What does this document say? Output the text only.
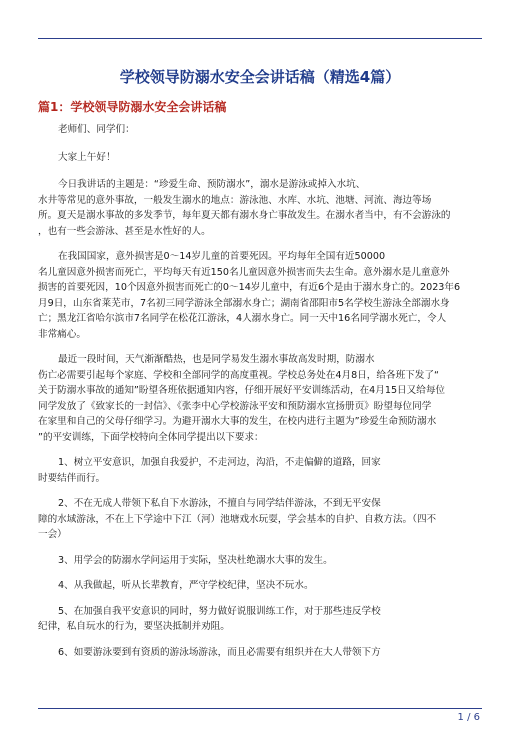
学校领导防溺水安全会讲话稿（精选4篇）
篇1：学校领导防溺水安全会讲话稿

老师们、同学们：

大家上午好！

今日我讲话的主题是：“珍爱生命、预防溺水”，溺水是游泳或掉入水坑、
水井等常见的意外事故，一般发生溺水的地点：游泳池、水库、水坑、池塘、河流、海边等场
所。夏天是溺水事故的多发季节，每年夏天都有溺水身亡事故发生。在溺水者当中，有不会游泳的
，也有一些会游泳、甚至是水性好的人。

在我国国家，意外损害是0～14岁儿童的首要死因。平均每年全国有近50000
名儿童因意外损害而死亡，平均每天有近150名儿童因意外损害而失去生命。意外溺水是儿童意外
损害的首要死因，10个因意外损害而死亡的0～14岁儿童中，有近6个是由于溺水身亡的。2023年6
月9日，山东省莱芜市，7名初三同学游泳全部溺水身亡；湖南省邵阳市5名学校生游泳全部溺水身
亡；黑龙江省哈尔滨市7名同学在松花江游泳，4人溺水身亡。同一天中16名同学溺水死亡，令人
非常痛心。

最近一段时间，天气渐渐酷热，也是同学易发生溺水事故高发时期，防溺水
伤亡必需要引起每个家庭、学校和全部同学的高度重视。学校总务处在4月8日，给各班下发了“
关于防溺水事故的通知”盼望各班依据通知内容，仔细开展好平安训练活动，在4月15日又给每位
同学发放了《致家长的一封信》、《张李中心学校游泳平安和预防溺水宣扬册页》盼望每位同学
在家里和自己的父母仔细学习。为避开溺水大事的发生，在校内进行主题为”珍爱生命预防溺水
”的平安训练，下面学校特向全体同学提出以下要求：

1、树立平安意识，加强自我爱护，不走河边，沟沿，不走偏僻的道路，回家
时要结伴而行。

2、不在无成人带领下私自下水游泳，不擅自与同学结伴游泳，不到无平安保
障的水域游泳，不在上下学途中下江（河）池塘戏水玩耍，学会基本的自护、自救方法。（四不
一会）

3、用学会的防溺水学问运用于实际，坚决杜绝溺水大事的发生。

4、从我做起，听从长辈教育，严守学校纪律，坚决不玩水。

5、在加强自我平安意识的同时，努力做好说服训练工作，对于那些违反学校
纪律，私自玩水的行为，要坚决抵制并劝阻。

6、如要游泳要到有资质的游泳场游泳，而且必需要有组织并在大人带领下方

1 / 6
